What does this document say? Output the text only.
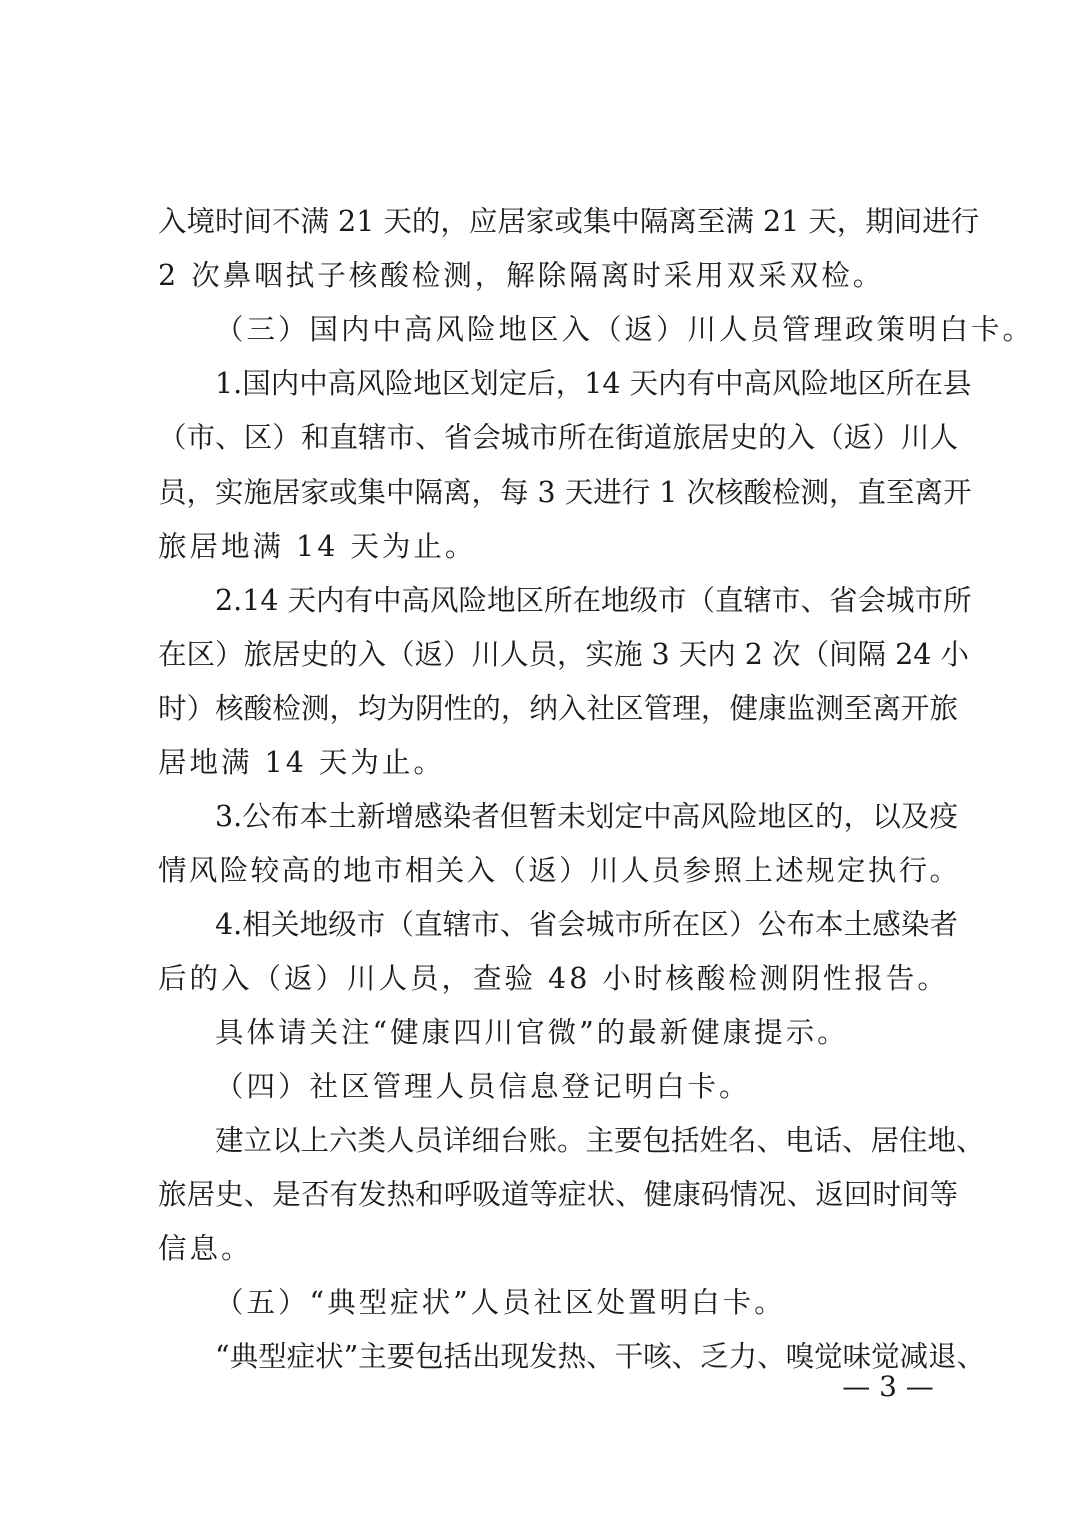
入境时间不满 21 天的，应居家或集中隔离至满 21 天，期间进行
2 次鼻咽拭子核酸检测，解除隔离时采用双采双检。
（三）国内中高风险地区入（返）川人员管理政策明白卡。
1.国内中高风险地区划定后，14 天内有中高风险地区所在县
（市、区）和直辖市、省会城市所在街道旅居史的入（返）川人
员，实施居家或集中隔离，每 3 天进行 1 次核酸检测，直至离开
旅居地满 14 天为止。
2.14 天内有中高风险地区所在地级市（直辖市、省会城市所
在区）旅居史的入（返）川人员，实施 3 天内 2 次（间隔 24 小
时）核酸检测，均为阴性的，纳入社区管理，健康监测至离开旅
居地满 14 天为止。
3.公布本土新增感染者但暂未划定中高风险地区的，以及疫
情风险较高的地市相关入（返）川人员参照上述规定执行。
4.相关地级市（直辖市、省会城市所在区）公布本土感染者
后的入（返）川人员，查验 48 小时核酸检测阴性报告。
具体请关注“健康四川官微”的最新健康提示。
（四）社区管理人员信息登记明白卡。
建立以上六类人员详细台账。主要包括姓名、电话、居住地、
旅居史、是否有发热和呼吸道等症状、健康码情况、返回时间等
信息。
（五）“典型症状”人员社区处置明白卡。
“典型症状”主要包括出现发热、干咳、乏力、嗅觉味觉减退、
— 3 —
